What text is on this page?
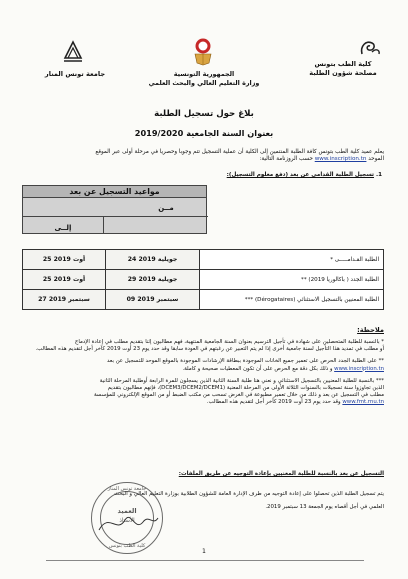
كلية الطب بتونس
مصلحة شؤون الطلبة
الجمهورية التونسية
وزارة التعليم العالي والبحث العلمي
جامعة تونس المنار
بلاغ حول تسجيل الطلبة
بعنوان السنة الجامعية 2019/2020
يعلم عميد كلية الطب بتونس كافة الطلبة المنتمين إلى الكلية أن عملية التسجيل تتم وجوبا وحصريا في مرحلة أولى عبر الموقع
الموحد www.inscription.tn حسب الروزنامة التالية:
1. تسجيل الطلبة القدامى عن بعد (دفع معلوم التسجيل):
مواعيد التسجيل عن بعد
مــن
إلــى
25 أوت 2019	24 جويلية 2019	الطلبة القـدامـــــى *
25 أوت 2019	29 جويلية 2019	الطلبة الجدد ( باكالوريا 2019) **
27 سبتمبر 2019	09 سبتمبر 2019	الطلبة المعنيين بالتسجيل الاستثنائي (Dérogataires) ***
ملاحظة:
* بالنسبة للطلبة المتحصلين على شهادة في تأجيل الترسيم بعنوان السنة الجامعية المنتهية، فهم مطالبون إثنا بتقديم مطلب في إعادة الإدماج
أو مطلب في تمديد هذا التأجيل لسنة جامعية أخرى إذا لم يتم التعبير عن رغبتهم في العودة سابقا وقد حدد يوم 23 أوت 2019 كآخر أجل لتقديم هذه المطالب.
** على الطلبة الجدد الحرص على تعمير جميع الخانات الموجودة ببطاقة الإرشادات الموجودة بالموقع الموحد للتسجيل عن بعد
www.inscription.tn و ذلك بكل دقة مع الحرص على أن تكون المعطيات صحيحة و كاملة.
*** بالنسبة للطلبة المعنيين بالتسجيل الاستثنائي و نعني هنا طلبة السنة الثانية الذين يسجلون للمرة الرابعة أوطلبة المرحلة الثانية
الذين تجاوزوا سنة تسجيلات بالسنوات الثلاثة الأولى من المرحلة المعنية (DCEM3/DCEM2/DCEM1)، فإنهم مطالبون بتقديم
مطلب في التسجيل عن بعد و ذلك من خلال تعمير مطبوعة في الغرض تسحب من مكتب الضبط أو من الموقع الإلكتروني للمؤسسة
www.fmt.rnu.tn وقد حدد يوم 23 أوت 2019 كآخر أجل لتقديم هذه المطالب.
التسجيل عن بعد بالنسبة للطلبة المعنيين بإعادة التوجيه عن طريق الملفات:
يتم تسجيل الطلبة الذين تحصلوا على إعادة التوجيه من طرف الإدارة العامة للشؤون الطلابية بوزارة التعليم العالي و البحث
العلمي في أجل أقصاه يوم الجمعة 13 سبتمبر 2019.
جامعة تونس المنار
العميد
الأستاذ
كلية الطب بتونس
1
